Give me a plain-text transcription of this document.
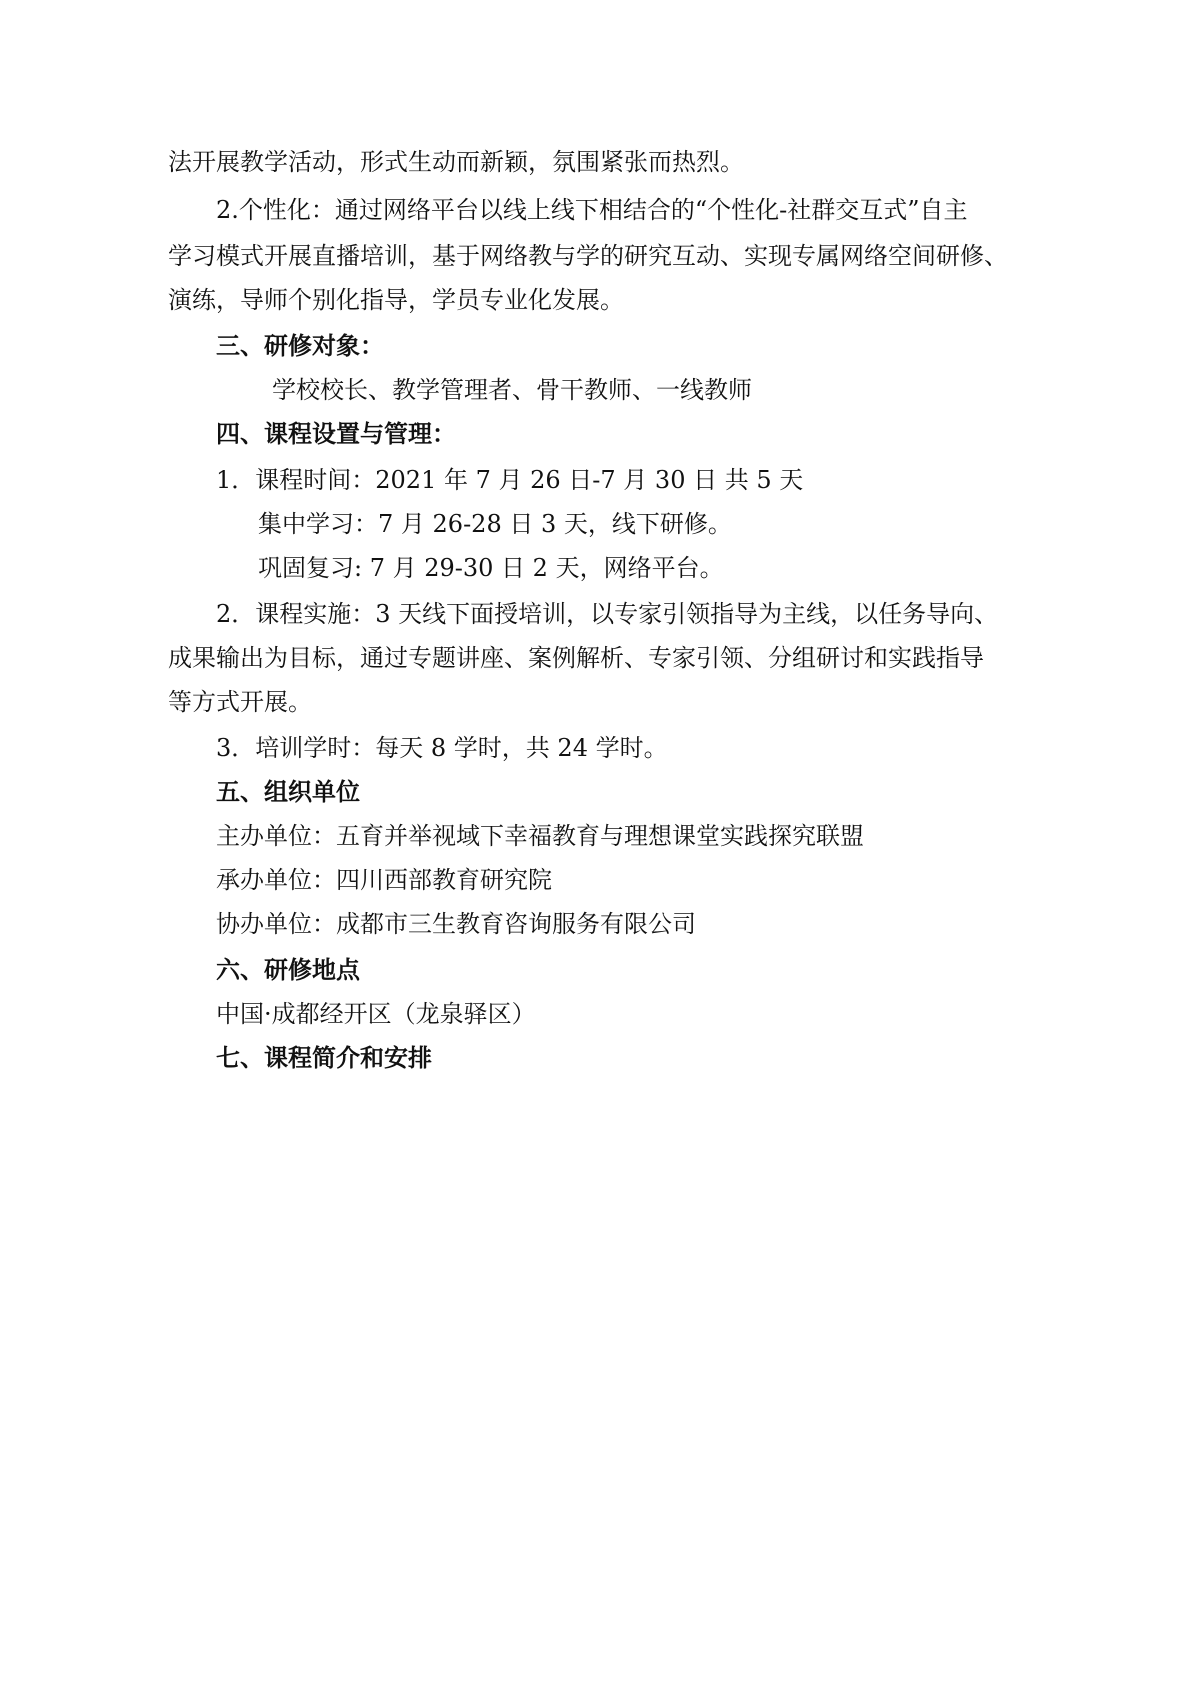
法开展教学活动，形式生动而新颖，氛围紧张而热烈。
2.个性化：通过网络平台以线上线下相结合的“个性化-社群交互式”自主
学习模式开展直播培训，基于网络教与学的研究互动、实现专属网络空间研修、
演练，导师个别化指导，学员专业化发展。
三、研修对象：
学校校长、教学管理者、骨干教师、一线教师
四、课程设置与管理：
1．课程时间：2021 年 7 月 26 日-7 月 30 日 共 5 天
集中学习：7 月 26-28 日 3 天，线下研修。
巩固复习: 7 月 29-30 日 2 天，网络平台。
2．课程实施：3 天线下面授培训，以专家引领指导为主线，以任务导向、
成果输出为目标，通过专题讲座、案例解析、专家引领、分组研讨和实践指导
等方式开展。
3．培训学时：每天 8 学时，共 24 学时。
五、组织单位
主办单位：五育并举视域下幸福教育与理想课堂实践探究联盟
承办单位：四川西部教育研究院
协办单位：成都市三生教育咨询服务有限公司
六、研修地点
中国·成都经开区（龙泉驿区）
七、课程简介和安排
